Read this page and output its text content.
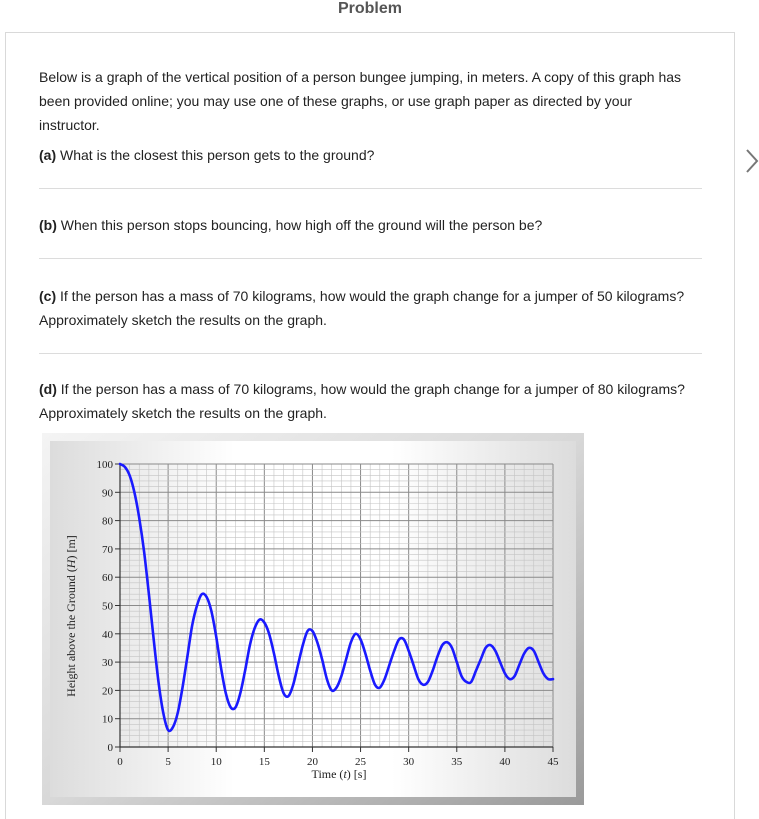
Problem
Below is a graph of the vertical position of a person bungee jumping, in meters. A copy of this graph has been provided online; you may use one of these graphs, or use graph paper as directed by your instructor.
(a) What is the closest this person gets to the ground?
(b) When this person stops bouncing, how high off the ground will the person be?
(c) If the person has a mass of 70 kilograms, how would the graph change for a jumper of 50 kilograms? Approximately sketch the results on the graph.
(d) If the person has a mass of 70 kilograms, how would the graph change for a jumper of 80 kilograms? Approximately sketch the results on the graph.
0	5	10	15	20	25	30	35	40	45
0
10
20
30
40
50
60
70
80
90
100
Time (t) [s]
Height above the Ground (H) [m]
